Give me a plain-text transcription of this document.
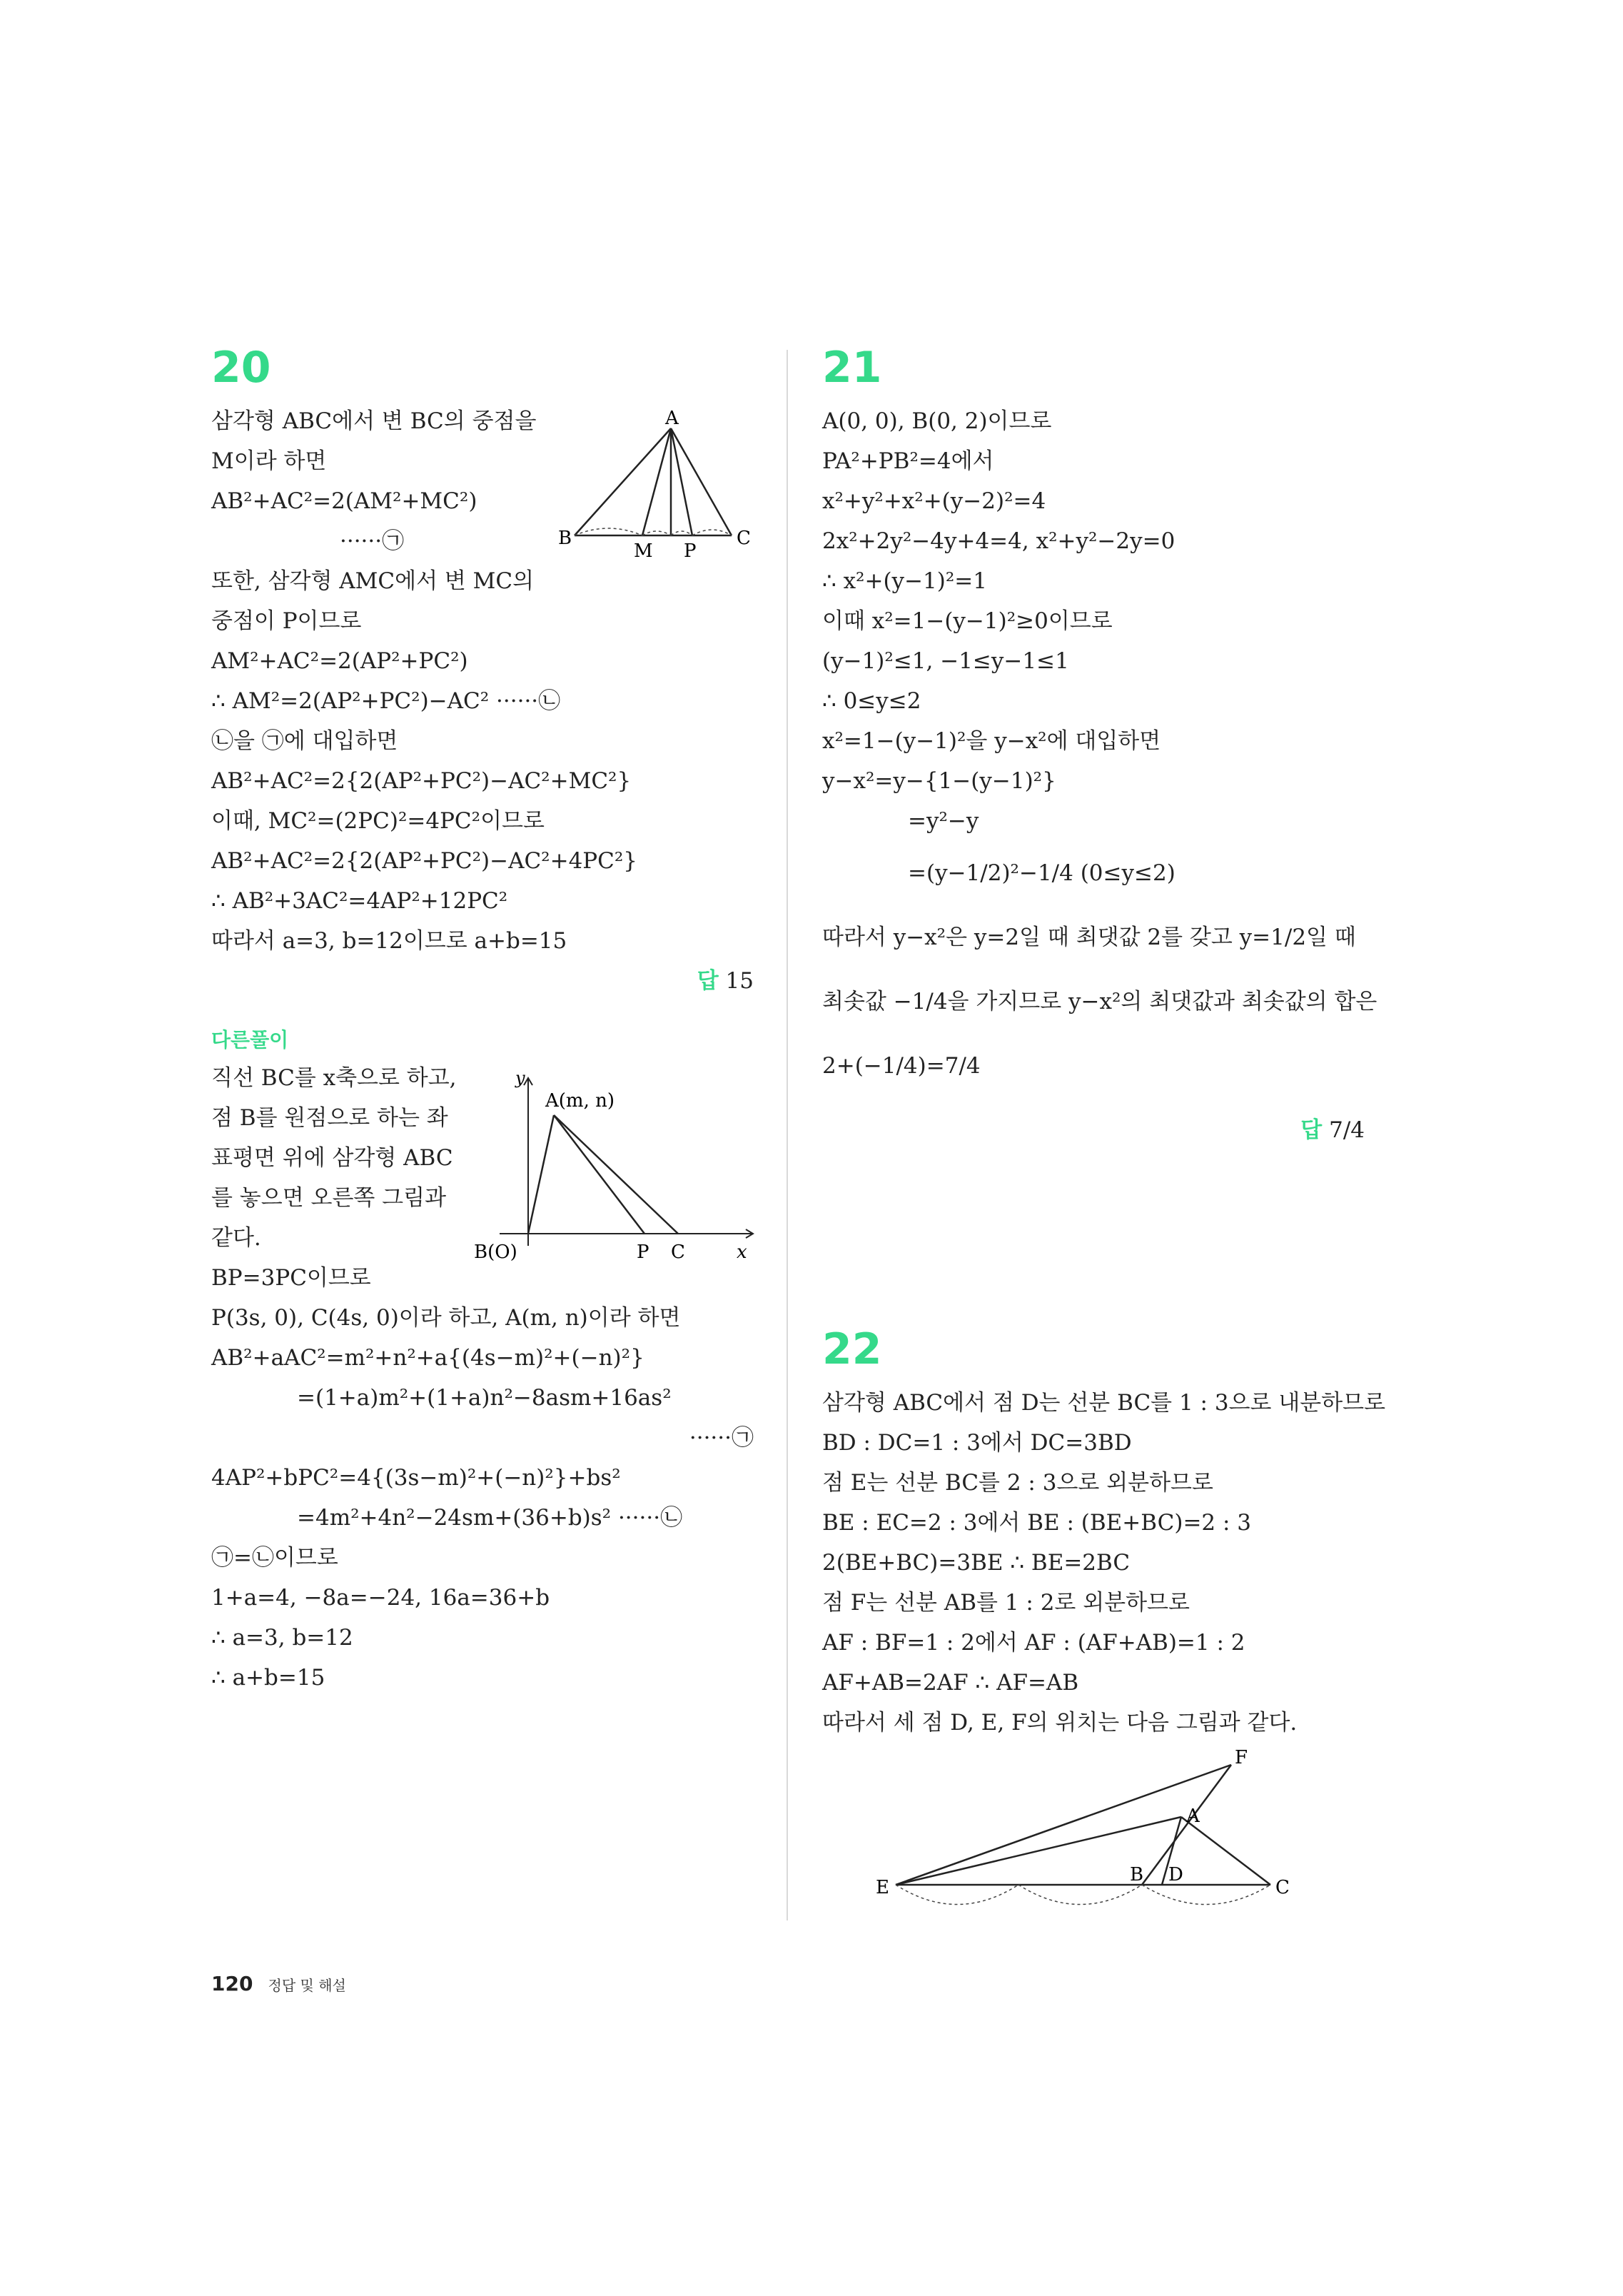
20
삼각형 ABC에서 변 BC의 중점을
M이라 하면
AB²+AC²=2(AM²+MC²)
······㉠
또한, 삼각형 AMC에서 변 MC의
중점이 P이므로
AM²+AC²=2(AP²+PC²)
∴ AM²=2(AP²+PC²)−AC² ······㉡
㉡을 ㉠에 대입하면
AB²+AC²=2{2(AP²+PC²)−AC²+MC²}
이때, MC²=(2PC)²=4PC²이므로
AB²+AC²=2{2(AP²+PC²)−AC²+4PC²}
∴ AB²+3AC²=4AP²+12PC²
따라서 a=3, b=12이므로 a+b=15
답 15
다른풀이
직선 BC를 x축으로 하고,
점 B를 원점으로 하는 좌
표평면 위에 삼각형 ABC
를 놓으면 오른쪽 그림과
같다.
BP=3PC이므로
P(3s, 0), C(4s, 0)이라 하고, A(m, n)이라 하면
AB²+aAC²=m²+n²+a{(4s−m)²+(−n)²}
=(1+a)m²+(1+a)n²−8asm+16as²
······㉠
4AP²+bPC²=4{(3s−m)²+(−n)²}+bs²
=4m²+4n²−24sm+(36+b)s² ······㉡
㉠=㉡이므로
1+a=4, −8a=−24, 16a=36+b
∴ a=3, b=12
∴ a+b=15
A
B	C
M P
y
x
A(m, n)
B(O)	P C
21
A(0, 0), B(0, 2)이므로
PA²+PB²=4에서
x²+y²+x²+(y−2)²=4
2x²+2y²−4y+4=4, x²+y²−2y=0
∴ x²+(y−1)²=1
이때 x²=1−(y−1)²≥0이므로
(y−1)²≤1, −1≤y−1≤1
∴ 0≤y≤2
x²=1−(y−1)²을 y−x²에 대입하면
y−x²=y−{1−(y−1)²}
=y²−y
=(y−1/2)²−1/4 (0≤y≤2)
따라서 y−x²은 y=2일 때 최댓값 2를 갖고 y=1/2일 때
최솟값 −1/4을 가지므로 y−x²의 최댓값과 최솟값의 합은
2+(−1/4)=7/4
답 7/4
22
삼각형 ABC에서 점 D는 선분 BC를 1 : 3으로 내분하므로
BD : DC=1 : 3에서 DC=3BD
점 E는 선분 BC를 2 : 3으로 외분하므로
BE : EC=2 : 3에서 BE : (BE+BC)=2 : 3
2(BE+BC)=3BE ∴ BE=2BC
점 F는 선분 AB를 1 : 2로 외분하므로
AF : BF=1 : 2에서 AF : (AF+AB)=1 : 2
AF+AB=2AF ∴ AF=AB
따라서 세 점 D, E, F의 위치는 다음 그림과 같다.
F
A
E
B D
C
120 정답 및 해설
